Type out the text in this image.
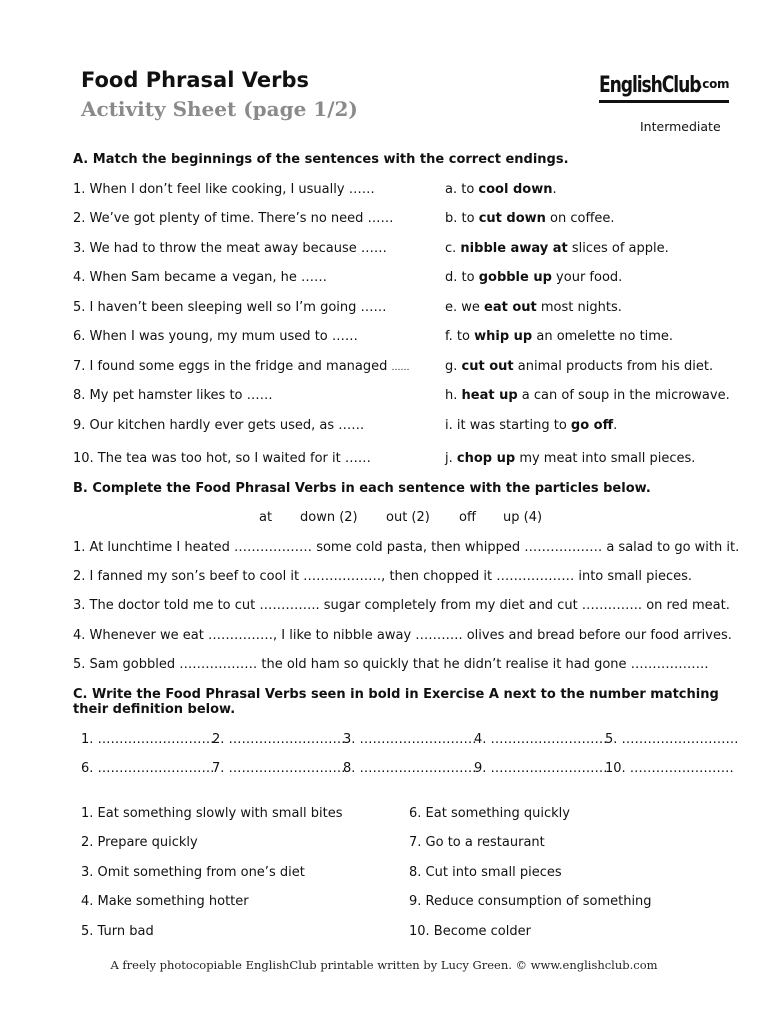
Food Phrasal Verbs
Activity Sheet (page 1/2)
EnglishClub
.com
Intermediate
A. Match the beginnings of the sentences with the correct endings.
1. When I don’t feel like cooking, I usually ……
2. We’ve got plenty of time. There’s no need ……
3. We had to throw the meat away because ……
4. When Sam became a vegan, he ……
5. I haven’t been sleeping well so I’m going ……
6. When I was young, my mum used to ……
7. I found some eggs in the fridge and managed ……
8. My pet hamster likes to ……
9. Our kitchen hardly ever gets used, as ……
10. The tea was too hot, so I waited for it ……
a. to cool down.
b. to cut down on coffee.
c. nibble away at slices of apple.
d. to gobble up your food.
e. we eat out most nights.
f. to whip up an omelette no time.
g. cut out animal products from his diet.
h. heat up a can of soup in the microwave.
i. it was starting to go off.
j. chop up my meat into small pieces.
B. Complete the Food Phrasal Verbs in each sentence with the particles below.
at down (2) out (2) off up (4)
1. At lunchtime I heated ……………… some cold pasta, then whipped ……………… a salad to go with it.
2. I fanned my son’s beef to cool it ………………, then chopped it ……………… into small pieces.
3. The doctor told me to cut ………….. sugar completely from my diet and cut ………….. on red meat.
4. Whenever we eat ……………, I like to nibble away ……….. olives and bread before our food arrives.
5. Sam gobbled ……………… the old ham so quickly that he didn’t realise it had gone ………………
C. Write the Food Phrasal Verbs seen in bold in Exercise A next to the number matching
their definition below.
1. ………………………
2. ………………………
3. ………………………
4. ………………………
5. ………………………
6. ………………………
7. ………………………
8. ………………………
9. ………………………
10. ……………………
1. Eat something slowly with small bites
2. Prepare quickly
3. Omit something from one’s diet
4. Make something hotter
5. Turn bad
6. Eat something quickly
7. Go to a restaurant
8. Cut into small pieces
9. Reduce consumption of something
10. Become colder
A freely photocopiable EnglishClub printable written by Lucy Green. © www.englishclub.com
